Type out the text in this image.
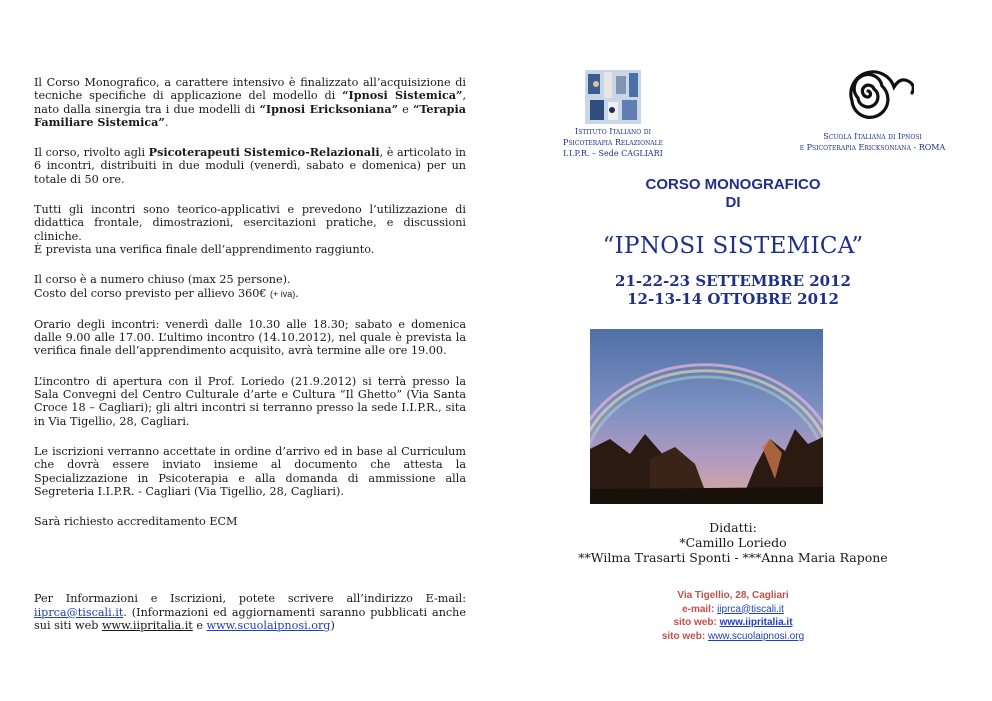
Il Corso Monografico, a carattere intensivo è finalizzato all’acquisizione di tecniche specifiche di applicazione del modello di “Ipnosi Sistemica”, nato dalla sinergia tra i due modelli di “Ipnosi Ericksoniana” e “Terapia Familiare Sistemica”.

Il corso, rivolto agli Psicoterapeuti Sistemico-Relazionali, è articolato in 6 incontri, distribuiti in due moduli (venerdì, sabato e domenica) per un totale di 50 ore.

Tutti gli incontri sono teorico-applicativi e prevedono l’utilizzazione di didattica frontale, dimostrazioni, esercitazioni pratiche, e discussioni cliniche.

È prevista una verifica finale dell’apprendimento raggiunto.

Il corso è a numero chiuso (max 25 persone).

Costo del corso previsto per allievo 360€ (+ iva).

Orario degli incontri: venerdì dalle 10.30 alle 18.30; sabato e domenica dalle 9.00 alle 17.00. L’ultimo incontro (14.10.2012), nel quale è prevista la verifica finale dell’apprendimento acquisito, avrà termine alle ore 19.00.

L’incontro di apertura con il Prof. Loriedo (21.9.2012) si terrà presso la Sala Convegni del Centro Culturale d’arte e Cultura “Il Ghetto” (Via Santa Croce 18 – Cagliari); gli altri incontri si terranno presso la sede I.I.P.R., sita in Via Tigellio, 28, Cagliari.

Le iscrizioni verranno accettate in ordine d’arrivo ed in base al Curriculum che dovrà essere inviato insieme al documento che attesta la Specializzazione in Psicoterapia e alla domanda di ammissione alla Segreteria I.I.P.R. - Cagliari (Via Tigellio, 28, Cagliari).

Sarà richiesto accreditamento ECM

Per Informazioni e Iscrizioni, potete scrivere all’indirizzo E-mail: iiprca@tiscali.it. (Informazioni ed aggiornamenti saranno pubblicati anche sui siti web www.iipritalia.it e www.scuolaipnosi.org)

Istituto Italiano di
Psicoterapia Relazionale
I.I.P.R. – Sede CAGLIARI
Scuola Italiana di Ipnosi
e Psicoterapia Ericksoniana - ROMA
CORSO MONOGRAFICO
DI
“IPNOSI SISTEMICA”
21-22-23 SETTEMBRE 2012
12-13-14 OTTOBRE 2012
Didatti:
*Camillo Loriedo
**Wilma Trasarti Sponti - ***Anna Maria Rapone
Via Tigellio, 28, Cagliari
e-mail: iiprca@tiscali.it
sito web: www.iipritalia.it
sito web: www.scuolaipnosi.org
